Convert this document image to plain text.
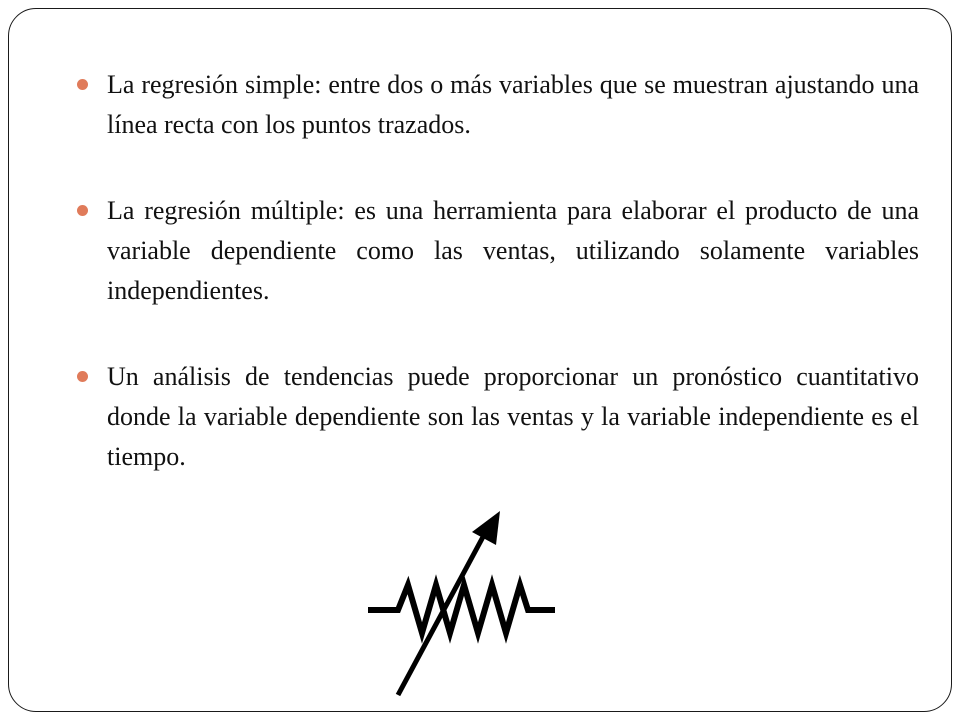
La regresión simple: entre dos o más variables que se muestran ajustando una línea recta con los puntos trazados.
La regresión múltiple: es una herramienta para elaborar el producto de una variable dependiente como las ventas, utilizando solamente variables independientes.
Un análisis de tendencias puede proporcionar un pronóstico cuantitativo donde la variable dependiente son las ventas y la variable independiente es el tiempo.
